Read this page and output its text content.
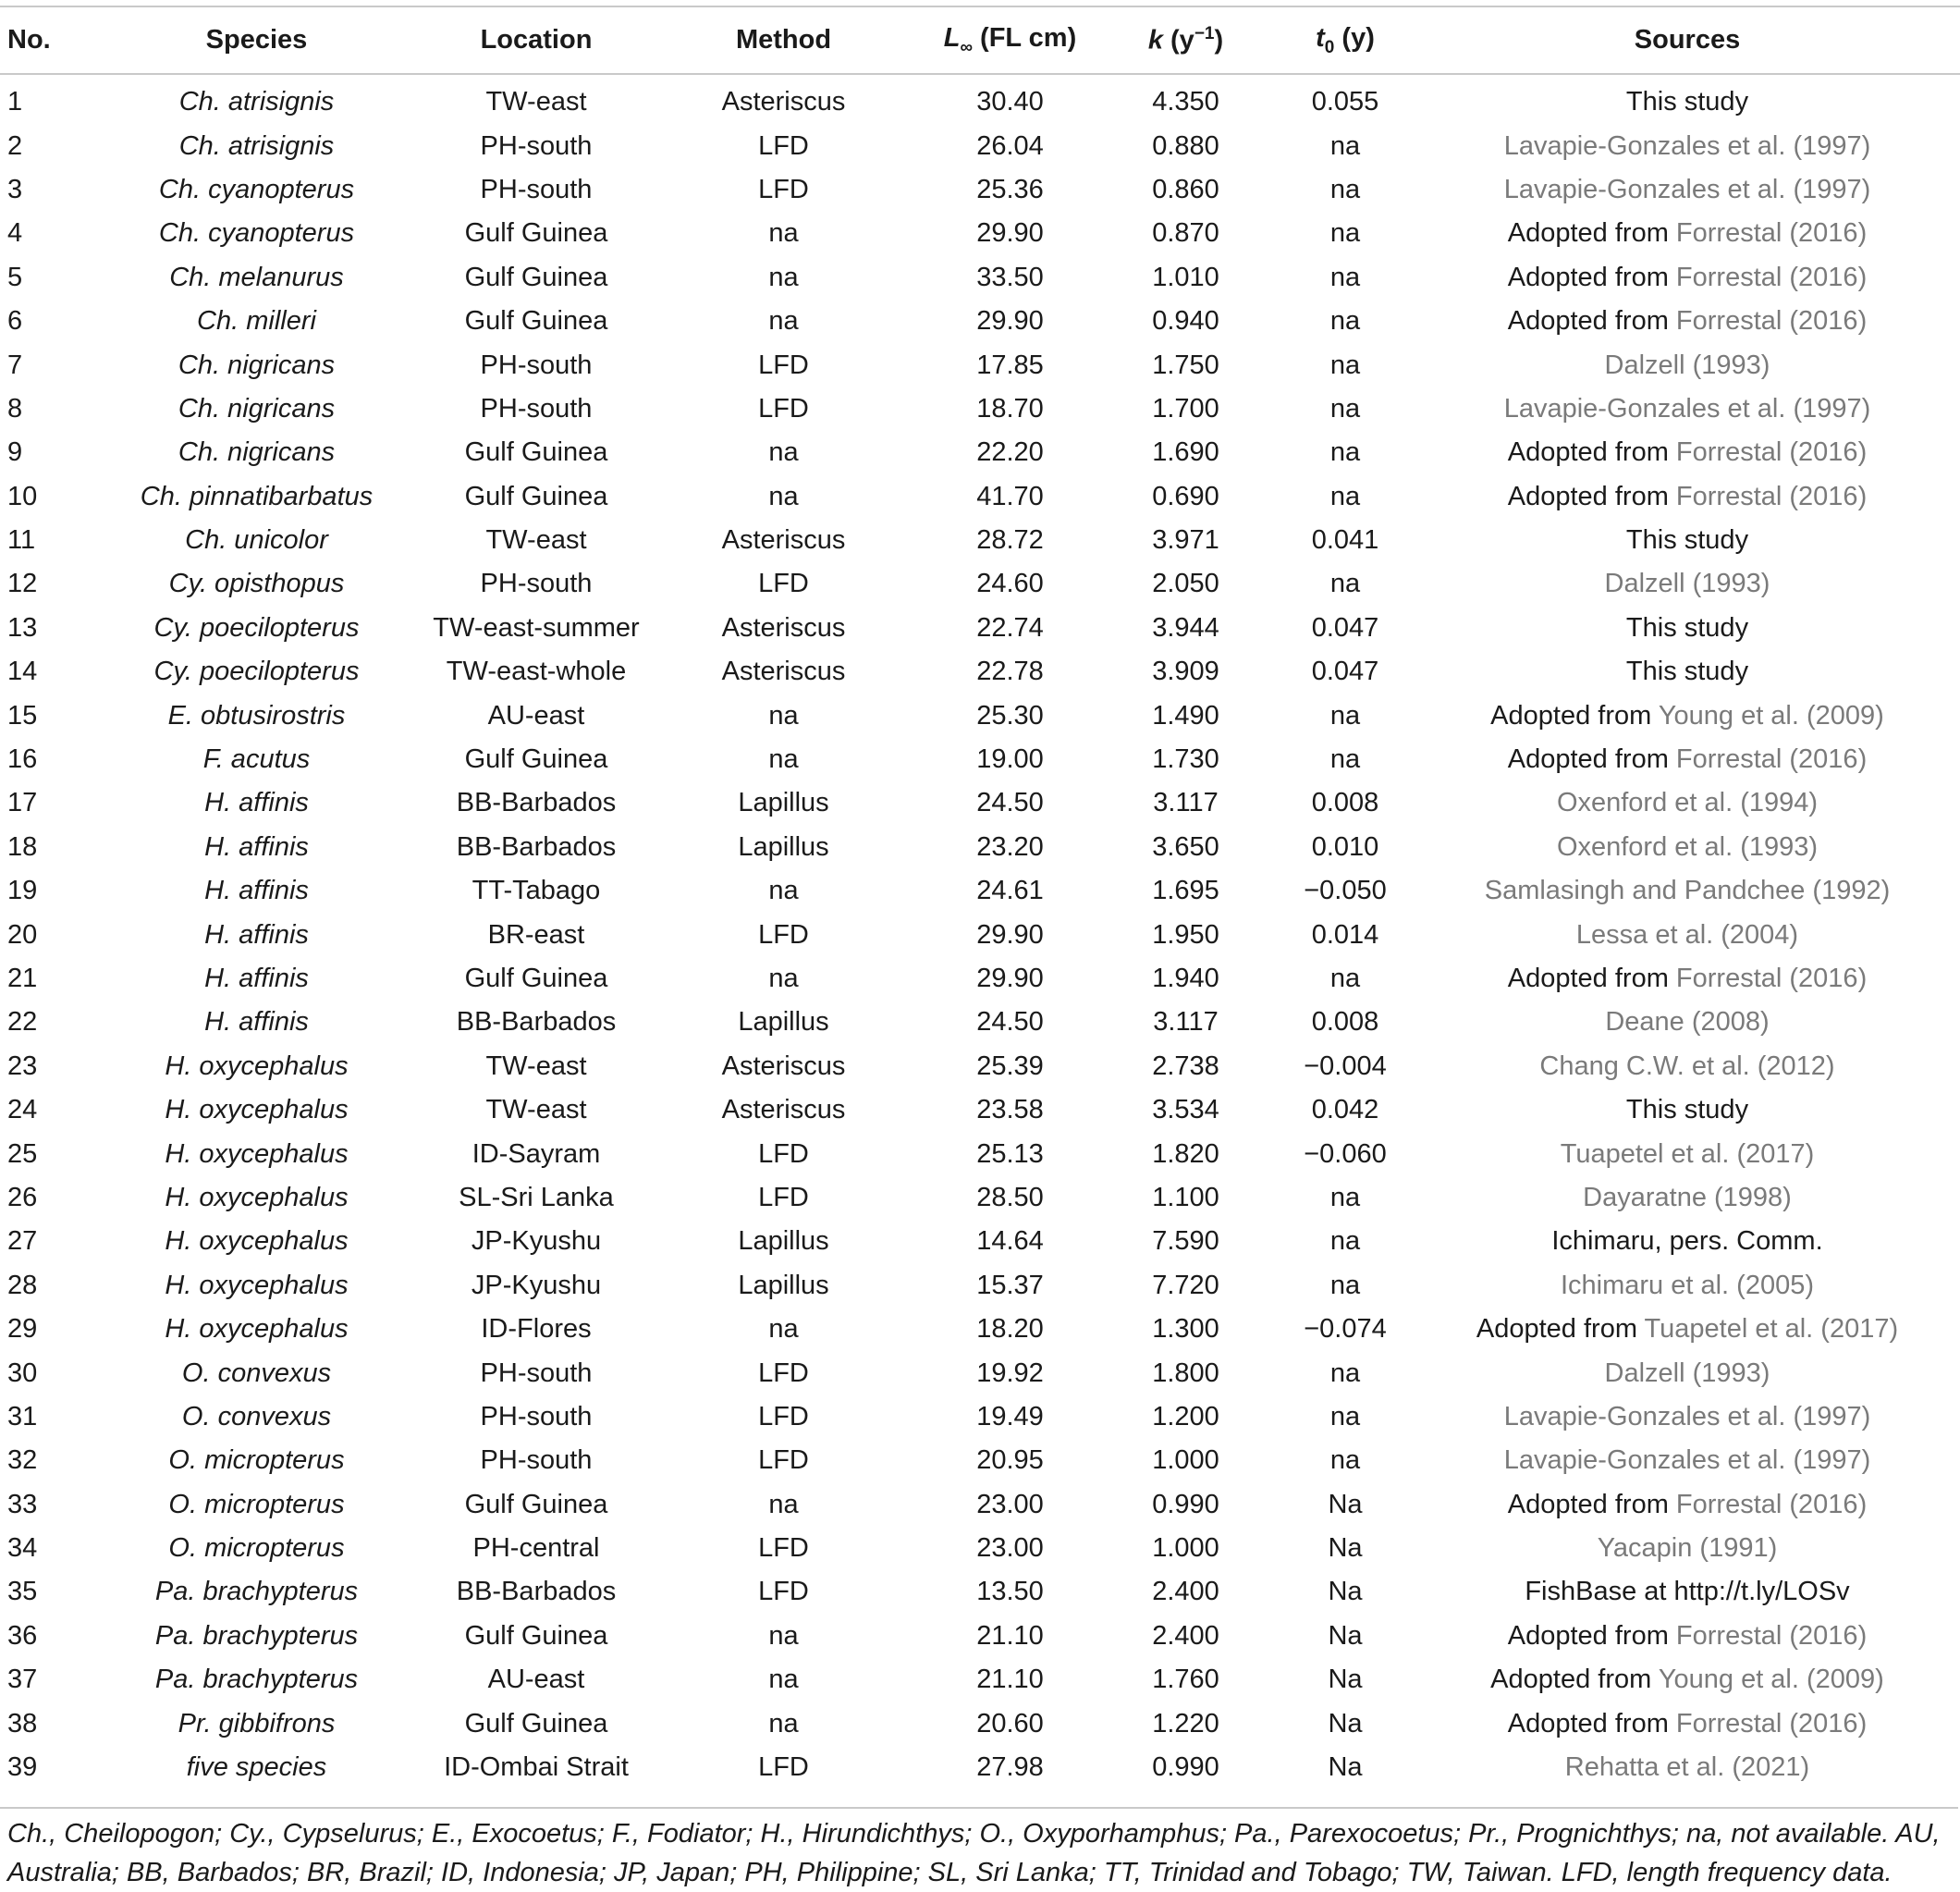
No.	Species	Location	Method	$L_\infty$ (FL cm)	k $(y^{-1})$	$t_0$ (y)	Sources
1	Ch. atrisignis	TW-east	Asteriscus	30.40	4.350	0.055	This study
2	Ch. atrisignis	PH-south	LFD	26.04	0.880	na	Lavapie-Gonzales et al. (1997)
3	Ch. cyanopterus	PH-south	LFD	25.36	0.860	na	Lavapie-Gonzales et al. (1997)
4	Ch. cyanopterus	Gulf Guinea	na	29.90	0.870	na	Adopted from Forrestal (2016)
5	Ch. melanurus	Gulf Guinea	na	33.50	1.010	na	Adopted from Forrestal (2016)
6	Ch. milleri	Gulf Guinea	na	29.90	0.940	na	Adopted from Forrestal (2016)
7	Ch. nigricans	PH-south	LFD	17.85	1.750	na	Dalzell (1993)
8	Ch. nigricans	PH-south	LFD	18.70	1.700	na	Lavapie-Gonzales et al. (1997)
9	Ch. nigricans	Gulf Guinea	na	22.20	1.690	na	Adopted from Forrestal (2016)
10	Ch. pinnatibarbatus	Gulf Guinea	na	41.70	0.690	na	Adopted from Forrestal (2016)
11	Ch. unicolor	TW-east	Asteriscus	28.72	3.971	0.041	This study
12	Cy. opisthopus	PH-south	LFD	24.60	2.050	na	Dalzell (1993)
13	Cy. poecilopterus	TW-east-summer	Asteriscus	22.74	3.944	0.047	This study
14	Cy. poecilopterus	TW-east-whole	Asteriscus	22.78	3.909	0.047	This study
15	E. obtusirostris	AU-east	na	25.30	1.490	na	Adopted from Young et al. (2009)
16	F. acutus	Gulf Guinea	na	19.00	1.730	na	Adopted from Forrestal (2016)
17	H. affinis	BB-Barbados	Lapillus	24.50	3.117	0.008	Oxenford et al. (1994)
18	H. affinis	BB-Barbados	Lapillus	23.20	3.650	0.010	Oxenford et al. (1993)
19	H. affinis	TT-Tabago	na	24.61	1.695	−0.050	Samlasingh and Pandchee (1992)
20	H. affinis	BR-east	LFD	29.90	1.950	0.014	Lessa et al. (2004)
21	H. affinis	Gulf Guinea	na	29.90	1.940	na	Adopted from Forrestal (2016)
22	H. affinis	BB-Barbados	Lapillus	24.50	3.117	0.008	Deane (2008)
23	H. oxycephalus	TW-east	Asteriscus	25.39	2.738	−0.004	Chang C.W. et al. (2012)
24	H. oxycephalus	TW-east	Asteriscus	23.58	3.534	0.042	This study
25	H. oxycephalus	ID-Sayram	LFD	25.13	1.820	−0.060	Tuapetel et al. (2017)
26	H. oxycephalus	SL-Sri Lanka	LFD	28.50	1.100	na	Dayaratne (1998)
27	H. oxycephalus	JP-Kyushu	Lapillus	14.64	7.590	na	Ichimaru, pers. Comm.
28	H. oxycephalus	JP-Kyushu	Lapillus	15.37	7.720	na	Ichimaru et al. (2005)
29	H. oxycephalus	ID-Flores	na	18.20	1.300	−0.074	Adopted from Tuapetel et al. (2017)
30	O. convexus	PH-south	LFD	19.92	1.800	na	Dalzell (1993)
31	O. convexus	PH-south	LFD	19.49	1.200	na	Lavapie-Gonzales et al. (1997)
32	O. micropterus	PH-south	LFD	20.95	1.000	na	Lavapie-Gonzales et al. (1997)
33	O. micropterus	Gulf Guinea	na	23.00	0.990	Na	Adopted from Forrestal (2016)
34	O. micropterus	PH-central	LFD	23.00	1.000	Na	Yacapin (1991)
35	Pa. brachypterus	BB-Barbados	LFD	13.50	2.400	Na	FishBase at http://t.ly/LOSv
36	Pa. brachypterus	Gulf Guinea	na	21.10	2.400	Na	Adopted from Forrestal (2016)
37	Pa. brachypterus	AU-east	na	21.10	1.760	Na	Adopted from Young et al. (2009)
38	Pr. gibbifrons	Gulf Guinea	na	20.60	1.220	Na	Adopted from Forrestal (2016)
39	five species	ID-Ombai Strait	LFD	27.98	0.990	Na	Rehatta et al. (2021)
Ch., Cheilopogon; Cy., Cypselurus; E., Exocoetus; F., Fodiator; H., Hirundichthys; O., Oxyporhamphus; Pa., Parexocoetus; Pr., Prognichthys; na, not available. AU,
Australia; BB, Barbados; BR, Brazil; ID, Indonesia; JP, Japan; PH, Philippine; SL, Sri Lanka; TT, Trinidad and Tobago; TW, Taiwan. LFD, length frequency data.
